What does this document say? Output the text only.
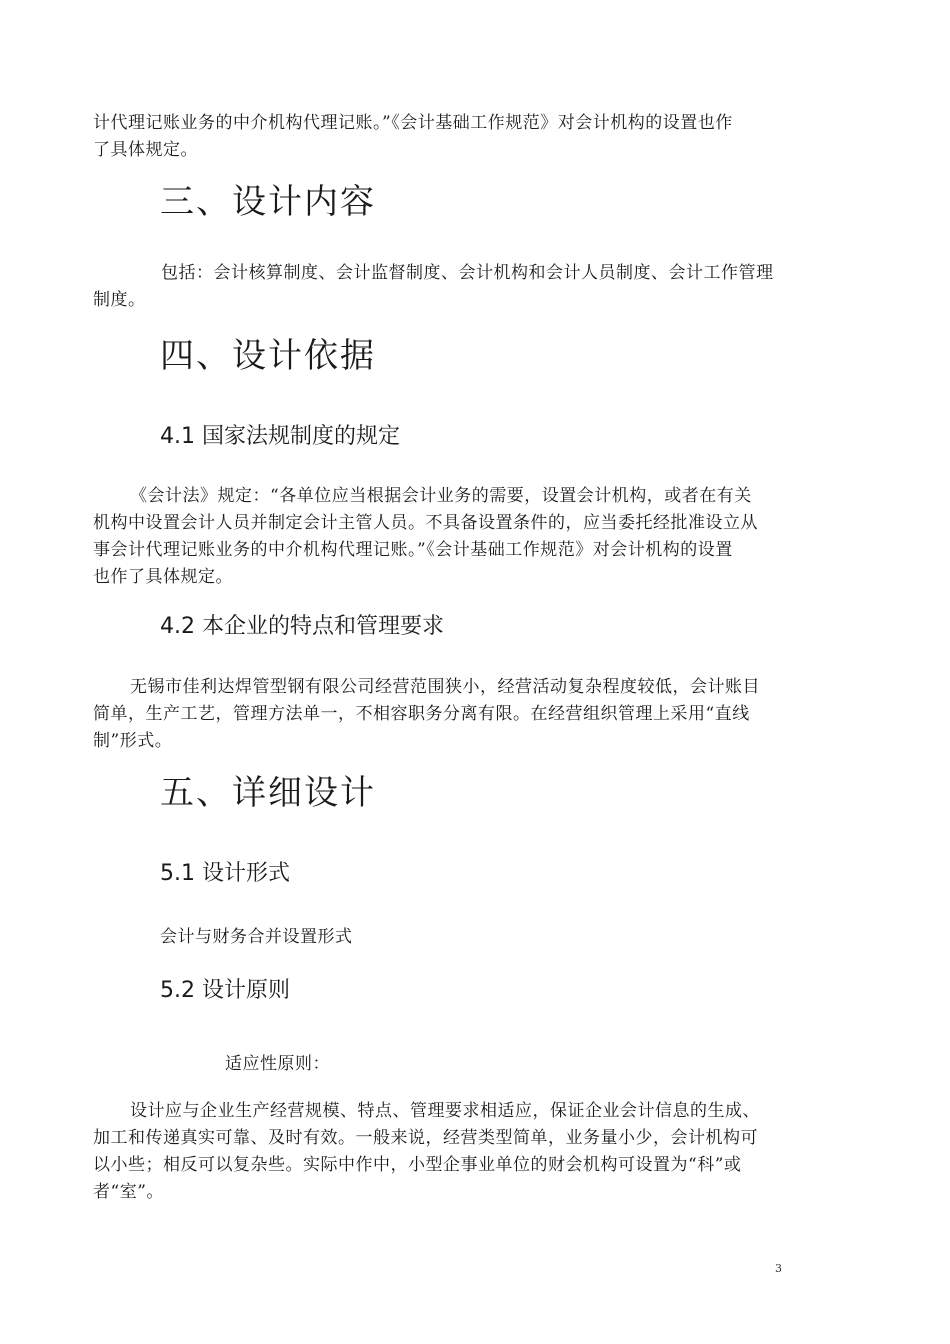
计代理记账业务的中介机构代理记账。”《会计基础工作规范》对会计机构的设置也作
了具体规定。

三、设计内容

包括：会计核算制度、会计监督制度、会计机构和会计人员制度、会计工作管理
制度。

四、设计依据
4.1 国家法规制度的规定

《会计法》规定：“各单位应当根据会计业务的需要，设置会计机构，或者在有关
机构中设置会计人员并制定会计主管人员。不具备设置条件的，应当委托经批准设立从
事会计代理记账业务的中介机构代理记账。”《会计基础工作规范》对会计机构的设置
也作了具体规定。

4.2 本企业的特点和管理要求

无锡市佳利达焊管型钢有限公司经营范围狭小，经营活动复杂程度较低，会计账目
简单，生产工艺，管理方法单一，不相容职务分离有限。在经营组织管理上采用“直线
制”形式。

五、详细设计
5.1 设计形式

会计与财务合并设置形式

5.2 设计原则

适应性原则：

设计应与企业生产经营规模、特点、管理要求相适应，保证企业会计信息的生成、
加工和传递真实可靠、及时有效。一般来说，经营类型简单，业务量小少，会计机构可
以小些；相反可以复杂些。实际中作中，小型企事业单位的财会机构可设置为“科”或
者“室”。

3
